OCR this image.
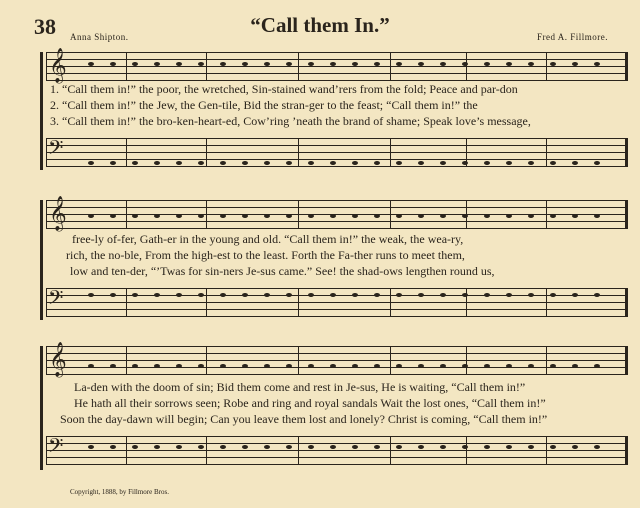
38	“Call them In.”
Anna Shipton.	Fred A. Fillmore.
𝄞
1. “Call them in!” the poor, the wretched, Sin-stained wand’rers from the fold; Peace and par-don
2. “Call them in!” the Jew, the Gen-tile, Bid the stran-ger to the feast; “Call them in!” the
3. “Call them in!” the bro-ken-heart-ed, Cow’ring ’neath the brand of shame; Speak love’s message,
𝄢
𝄞
free-ly of-fer, Gath-er in the young and old. “Call them in!” the weak, the wea-ry,
rich, the no-ble, From the high-est to the least. Forth the Fa-ther runs to meet them,
low and ten-der, “’Twas for sin-ners Je-sus came.” See! the shad-ows lengthen round us,
𝄢
𝄞
La-den with the doom of sin; Bid them come and rest in Je-sus, He is waiting, “Call them in!”
He hath all their sorrows seen; Robe and ring and royal sandals Wait the lost ones, “Call them in!”
Soon the day-dawn will begin; Can you leave them lost and lonely? Christ is coming, “Call them in!”
𝄢
Copyright, 1888, by Fillmore Bros.
